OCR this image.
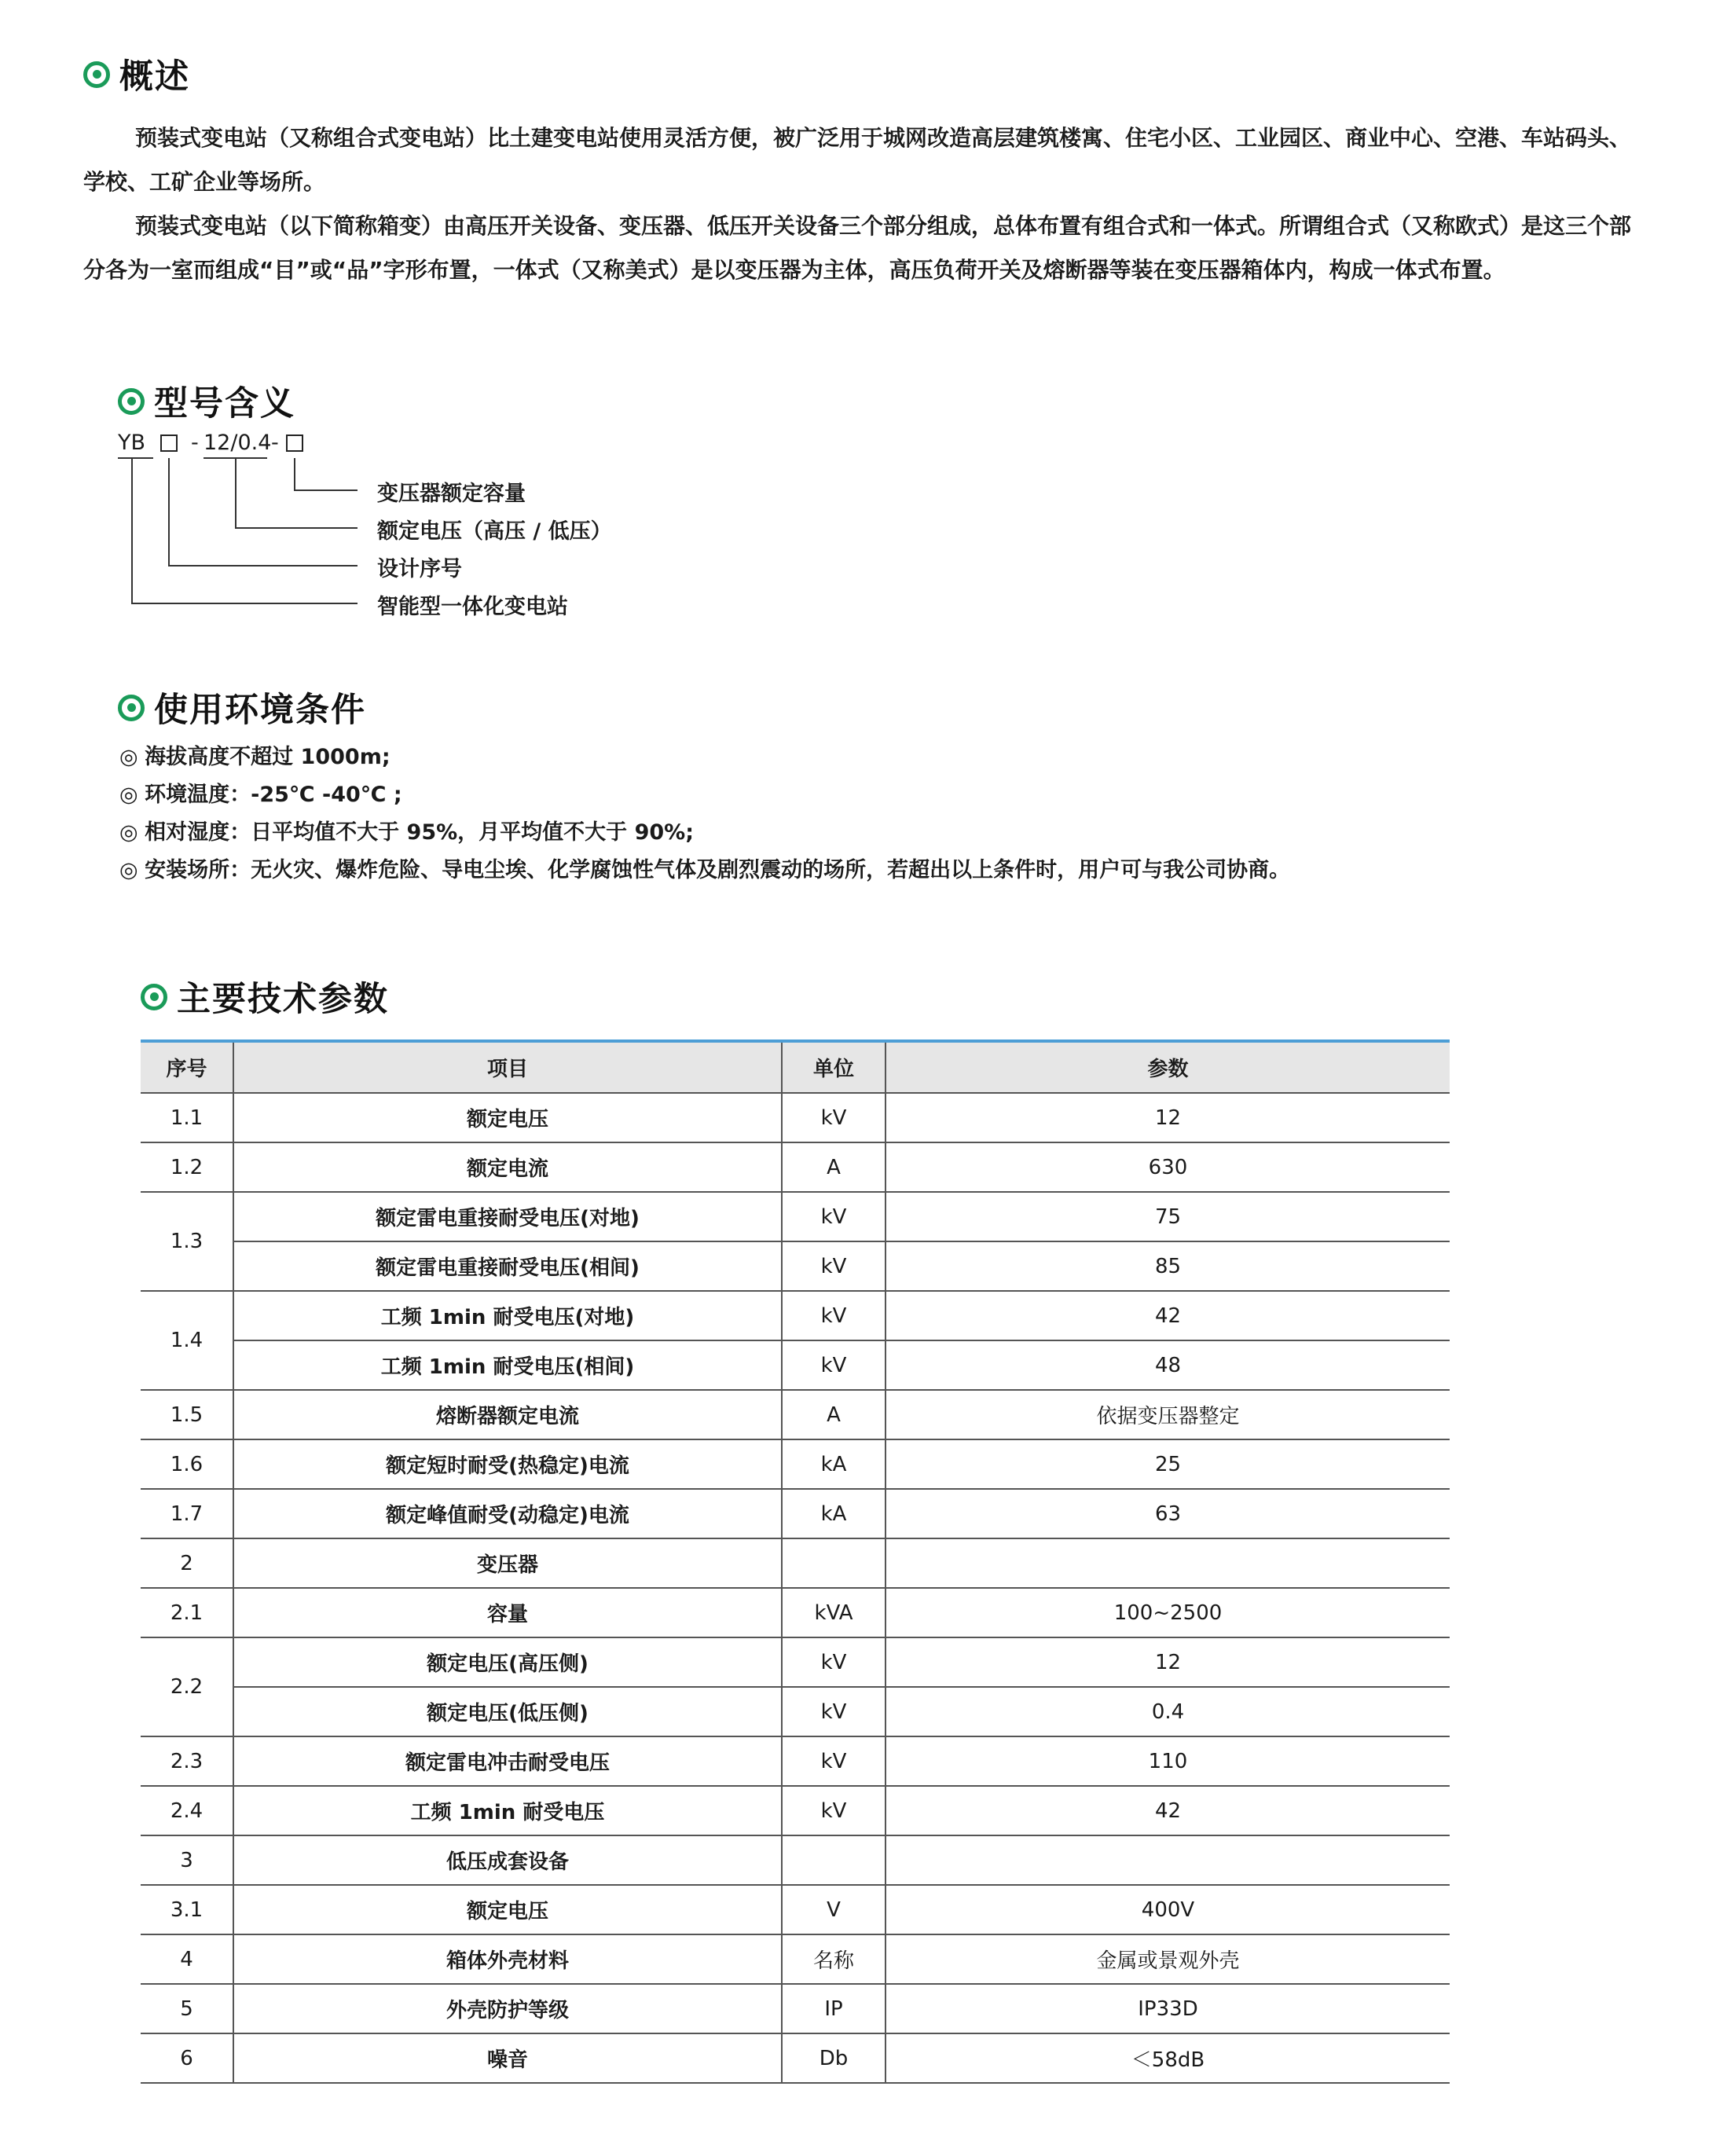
概述

预装式变电站（又称组合式变电站）比土建变电站使用灵活方便，被广泛用于城网改造高层建筑楼寓、住宅小区、工业园区、商业中心、空港、车站码头、学校、工矿企业等场所。

预装式变电站（以下简称箱变）由高压开关设备、变压器、低压开关设备三个部分组成，总体布置有组合式和一体式。所谓组合式（又称欧式）是这三个部分各为一室而组成“目”或“品”字形布置，一体式（又称美式）是以变压器为主体，高压负荷开关及熔断器等装在变压器箱体内，构成一体式布置。

型号含义
YB - 12/0.4 -
变压器额定容量
额定电压（高压 / 低压）
设计序号
智能型一体化变电站
使用环境条件
◎ 海拔高度不超过 1000m;
◎ 环境温度：-25℃ -40℃ ;
◎ 相对湿度：日平均值不大于 95%，月平均值不大于 90%;
◎ 安装场所：无火灾、爆炸危险、导电尘埃、化学腐蚀性气体及剧烈震动的场所，若超出以上条件时，用户可与我公司协商。
主要技术参数
序号	项目	单位	参数
1.1	额定电压	kV	12
1.2	额定电流	A	630
1.3	额定雷电重接耐受电压(对地)	kV	75
	额定雷电重接耐受电压(相间)	kV	85
1.4	工频 1min 耐受电压(对地)	kV	42
	工频 1min 耐受电压(相间)	kV	48
1.5	熔断器额定电流	A	依据变压器整定
1.6	额定短时耐受(热稳定)电流	kA	25
1.7	额定峰值耐受(动稳定)电流	kA	63
2	变压器		
2.1	容量	kVA	100~2500
2.2	额定电压(高压侧)	kV	12
	额定电压(低压侧)	kV	0.4
2.3	额定雷电冲击耐受电压	kV	110
2.4	工频 1min 耐受电压	kV	42
3	低压成套设备		
3.1	额定电压	V	400V
4	箱体外壳材料	名称	金属或景观外壳
5	外壳防护等级	IP	IP33D
6	噪音	Db	＜58dB
